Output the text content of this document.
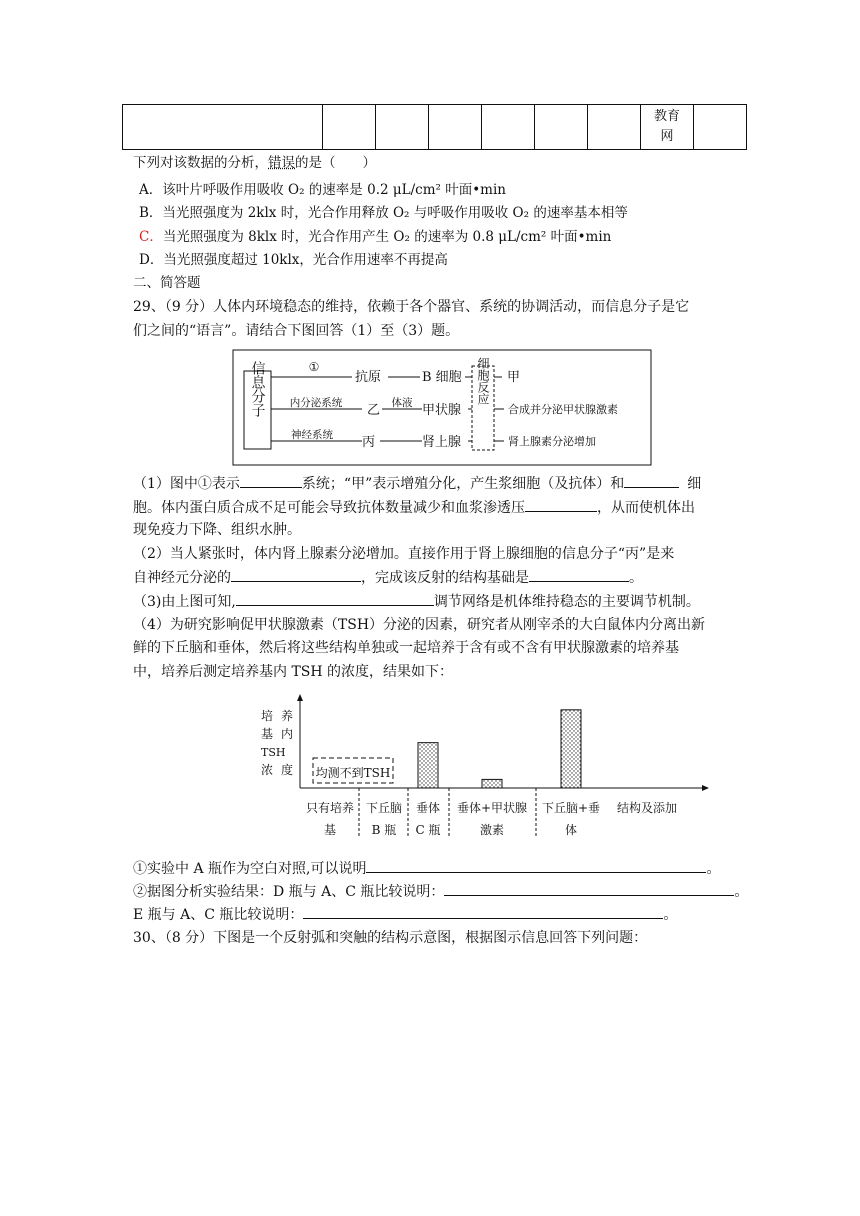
							教育
网	
下列对该数据的分析，错误的是（　　）
A．该叶片呼吸作用吸收 O₂ 的速率是 0.2 μL/cm² 叶面•min
B．当光照强度为 2klx 时，光合作用释放 O₂ 与呼吸作用吸收 O₂ 的速率基本相等
C．当光照强度为 8klx 时，光合作用产生 O₂ 的速率为 0.8 μL/cm² 叶面•min
D．当光照强度超过 10klx，光合作用速率不再提高
二、简答题
29、（9 分）人体内环境稳态的维持，依赖于各个器官、系统的协调活动，而信息分子是它
们之间的“语言”。请结合下图回答（1）至（3）题。
信息分子	①
抗原	B 细胞
内分泌系统 乙 体液 甲状腺
神经系统 丙	肾上腺
细胞反应 甲
合成并分泌甲状腺激素
肾上腺素分泌增加
（1）图中①表示	系统；“甲”表示增殖分化，产生浆细胞（及抗体）和	细
胞。体内蛋白质合成不足可能会导致抗体数量减少和血浆渗透压	，从而使机体出
现免疫力下降、组织水肿。
（2）当人紧张时，体内肾上腺素分泌增加。直接作用于肾上腺细胞的信息分子“丙”是来
自神经元分泌的	，完成该反射的结构基础是	。
（3)由上图可知,	调节网络是机体维持稳态的主要调节机制。
（4）为研究影响促甲状腺激素（TSH）分泌的因素，研究者从刚宰杀的大白鼠体内分离出新
鲜的下丘脑和垂体，然后将这些结构单独或一起培养于含有或不含有甲状腺激素的培养基
中，培养后测定培养基内 TSH 的浓度，结果如下：
培 养
基 内
TSH
浓 度 均测不到TSH
只有培养
基
下丘脑
B 瓶
垂体
C 瓶
垂体+甲状腺
激素
下丘脑+垂
体
结构及添加
①实验中 A 瓶作为空白对照,可以说明	。
②据图分析实验结果：D 瓶与 A、C 瓶比较说明：	。
E 瓶与 A、C 瓶比较说明：	。
30、（8 分）下图是一个反射弧和突触的结构示意图，根据图示信息回答下列问题：
